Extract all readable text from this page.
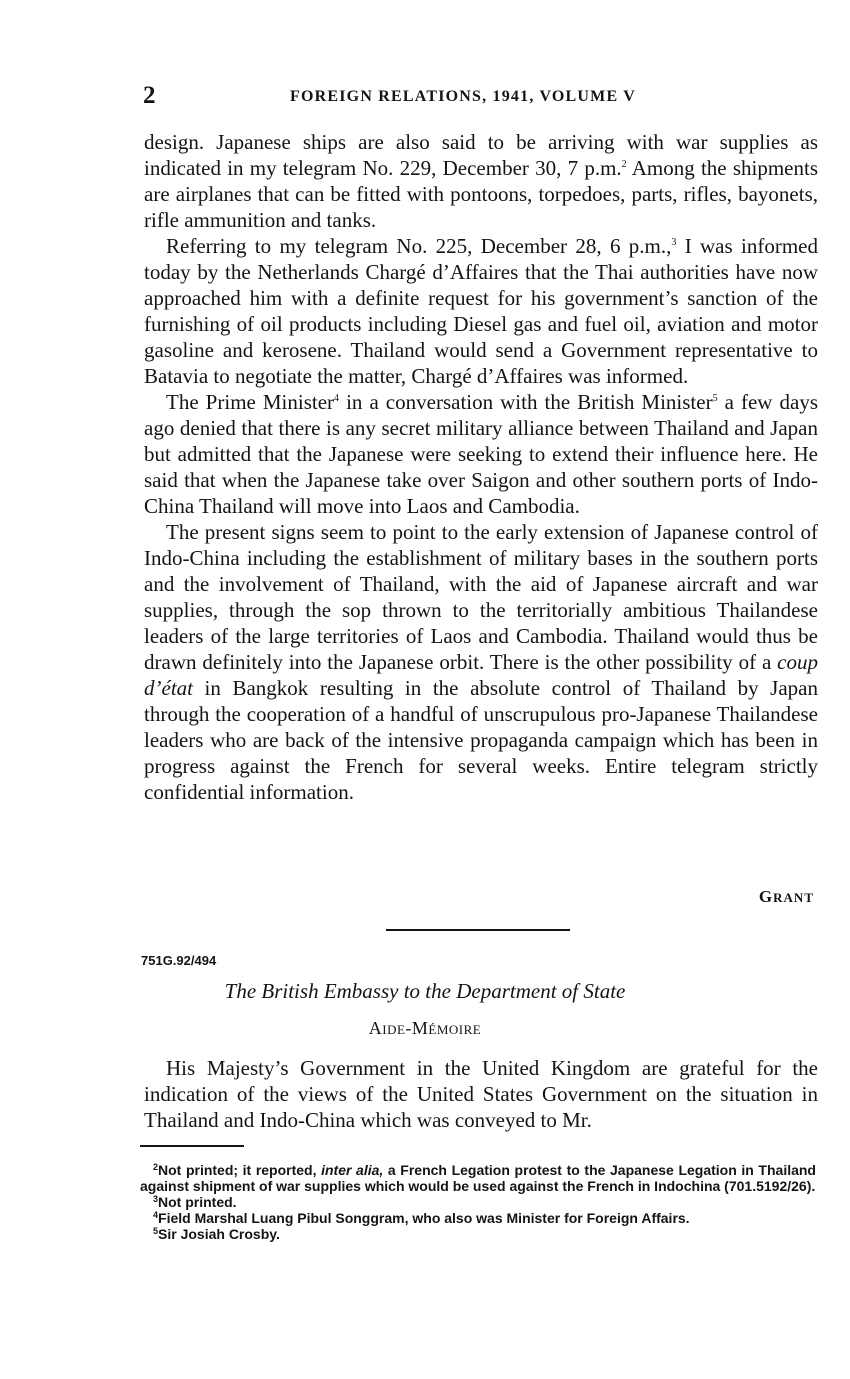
2	FOREIGN RELATIONS, 1941, VOLUME V

design. Japanese ships are also said to be arriving with war supplies as indicated in my telegram No. 229, December 30, 7 p.m.$^2$ Among the shipments are airplanes that can be fitted with pontoons, torpedoes, parts, rifles, bayonets, rifle ammunition and tanks.

Referring to my telegram No. 225, December 28, 6 p.m.,$^3$ I was informed today by the Netherlands Chargé d’Affaires that the Thai authorities have now approached him with a definite request for his government’s sanction of the furnishing of oil products including Diesel gas and fuel oil, aviation and motor gasoline and kerosene. Thailand would send a Government representative to Batavia to negotiate the matter, Chargé d’Affaires was informed.

The Prime Minister$^4$ in a conversation with the British Minister$^5$ a few days ago denied that there is any secret military alliance between Thailand and Japan but admitted that the Japanese were seeking to extend their influence here. He said that when the Japanese take over Saigon and other southern ports of Indo-China Thailand will move into Laos and Cambodia.

The present signs seem to point to the early extension of Japanese control of Indo-China including the establishment of military bases in the southern ports and the involvement of Thailand, with the aid of Japanese aircraft and war supplies, through the sop thrown to the territorially ambitious Thailandese leaders of the large territories of Laos and Cambodia. Thailand would thus be drawn definitely into the Japanese orbit. There is the other possibility of a coup d’état in Bangkok resulting in the absolute control of Thailand by Japan through the cooperation of a handful of unscrupulous pro-Japanese Thailandese leaders who are back of the intensive propaganda campaign which has been in progress against the French for several weeks. Entire telegram strictly confidential information.

GRANT
751G.92/494
The British Embassy to the Department of State
AIDE-MÉMOIRE

His Majesty’s Government in the United Kingdom are grateful for the indication of the views of the United States Government on the situation in Thailand and Indo-China which was conveyed to Mr.

$^2$Not printed; it reported, inter alia, a French Legation protest to the Japanese Legation in Thailand against shipment of war supplies which would be used against the French in Indochina (701.5192/26).
$^3$Not printed.
$^4$Field Marshal Luang Pibul Songgram, who also was Minister for Foreign Affairs.
$^5$Sir Josiah Crosby.
